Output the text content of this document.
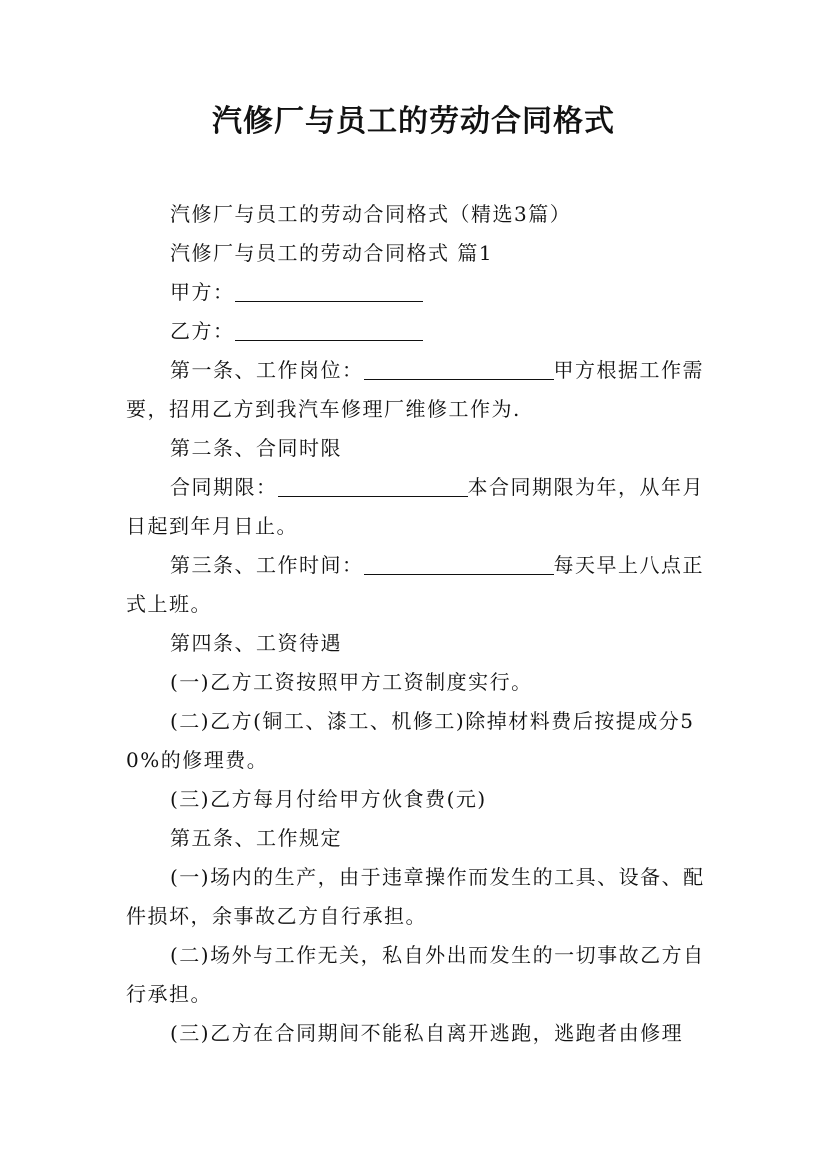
汽修厂与员工的劳动合同格式

汽修厂与员工的劳动合同格式（精选3篇）

汽修厂与员工的劳动合同格式 篇1

甲方：

乙方：

第一条、工作岗位：	甲方根据工作需要，招用乙方到我汽车修理厂维修工作为.

第二条、合同时限

合同期限：	本合同期限为年，从年月日起到年月日止。

第三条、工作时间：	每天早上八点正式上班。

第四条、工资待遇

(一)乙方工资按照甲方工资制度实行。

(二)乙方(铜工、漆工、机修工)除掉材料费后按提成分50%的修理费。

(三)乙方每月付给甲方伙食费(元)

第五条、工作规定

(一)场内的生产，由于违章操作而发生的工具、设备、配件损坏，余事故乙方自行承担。

(二)场外与工作无关，私自外出而发生的一切事故乙方自行承担。

(三)乙方在合同期间不能私自离开逃跑，逃跑者由修理
